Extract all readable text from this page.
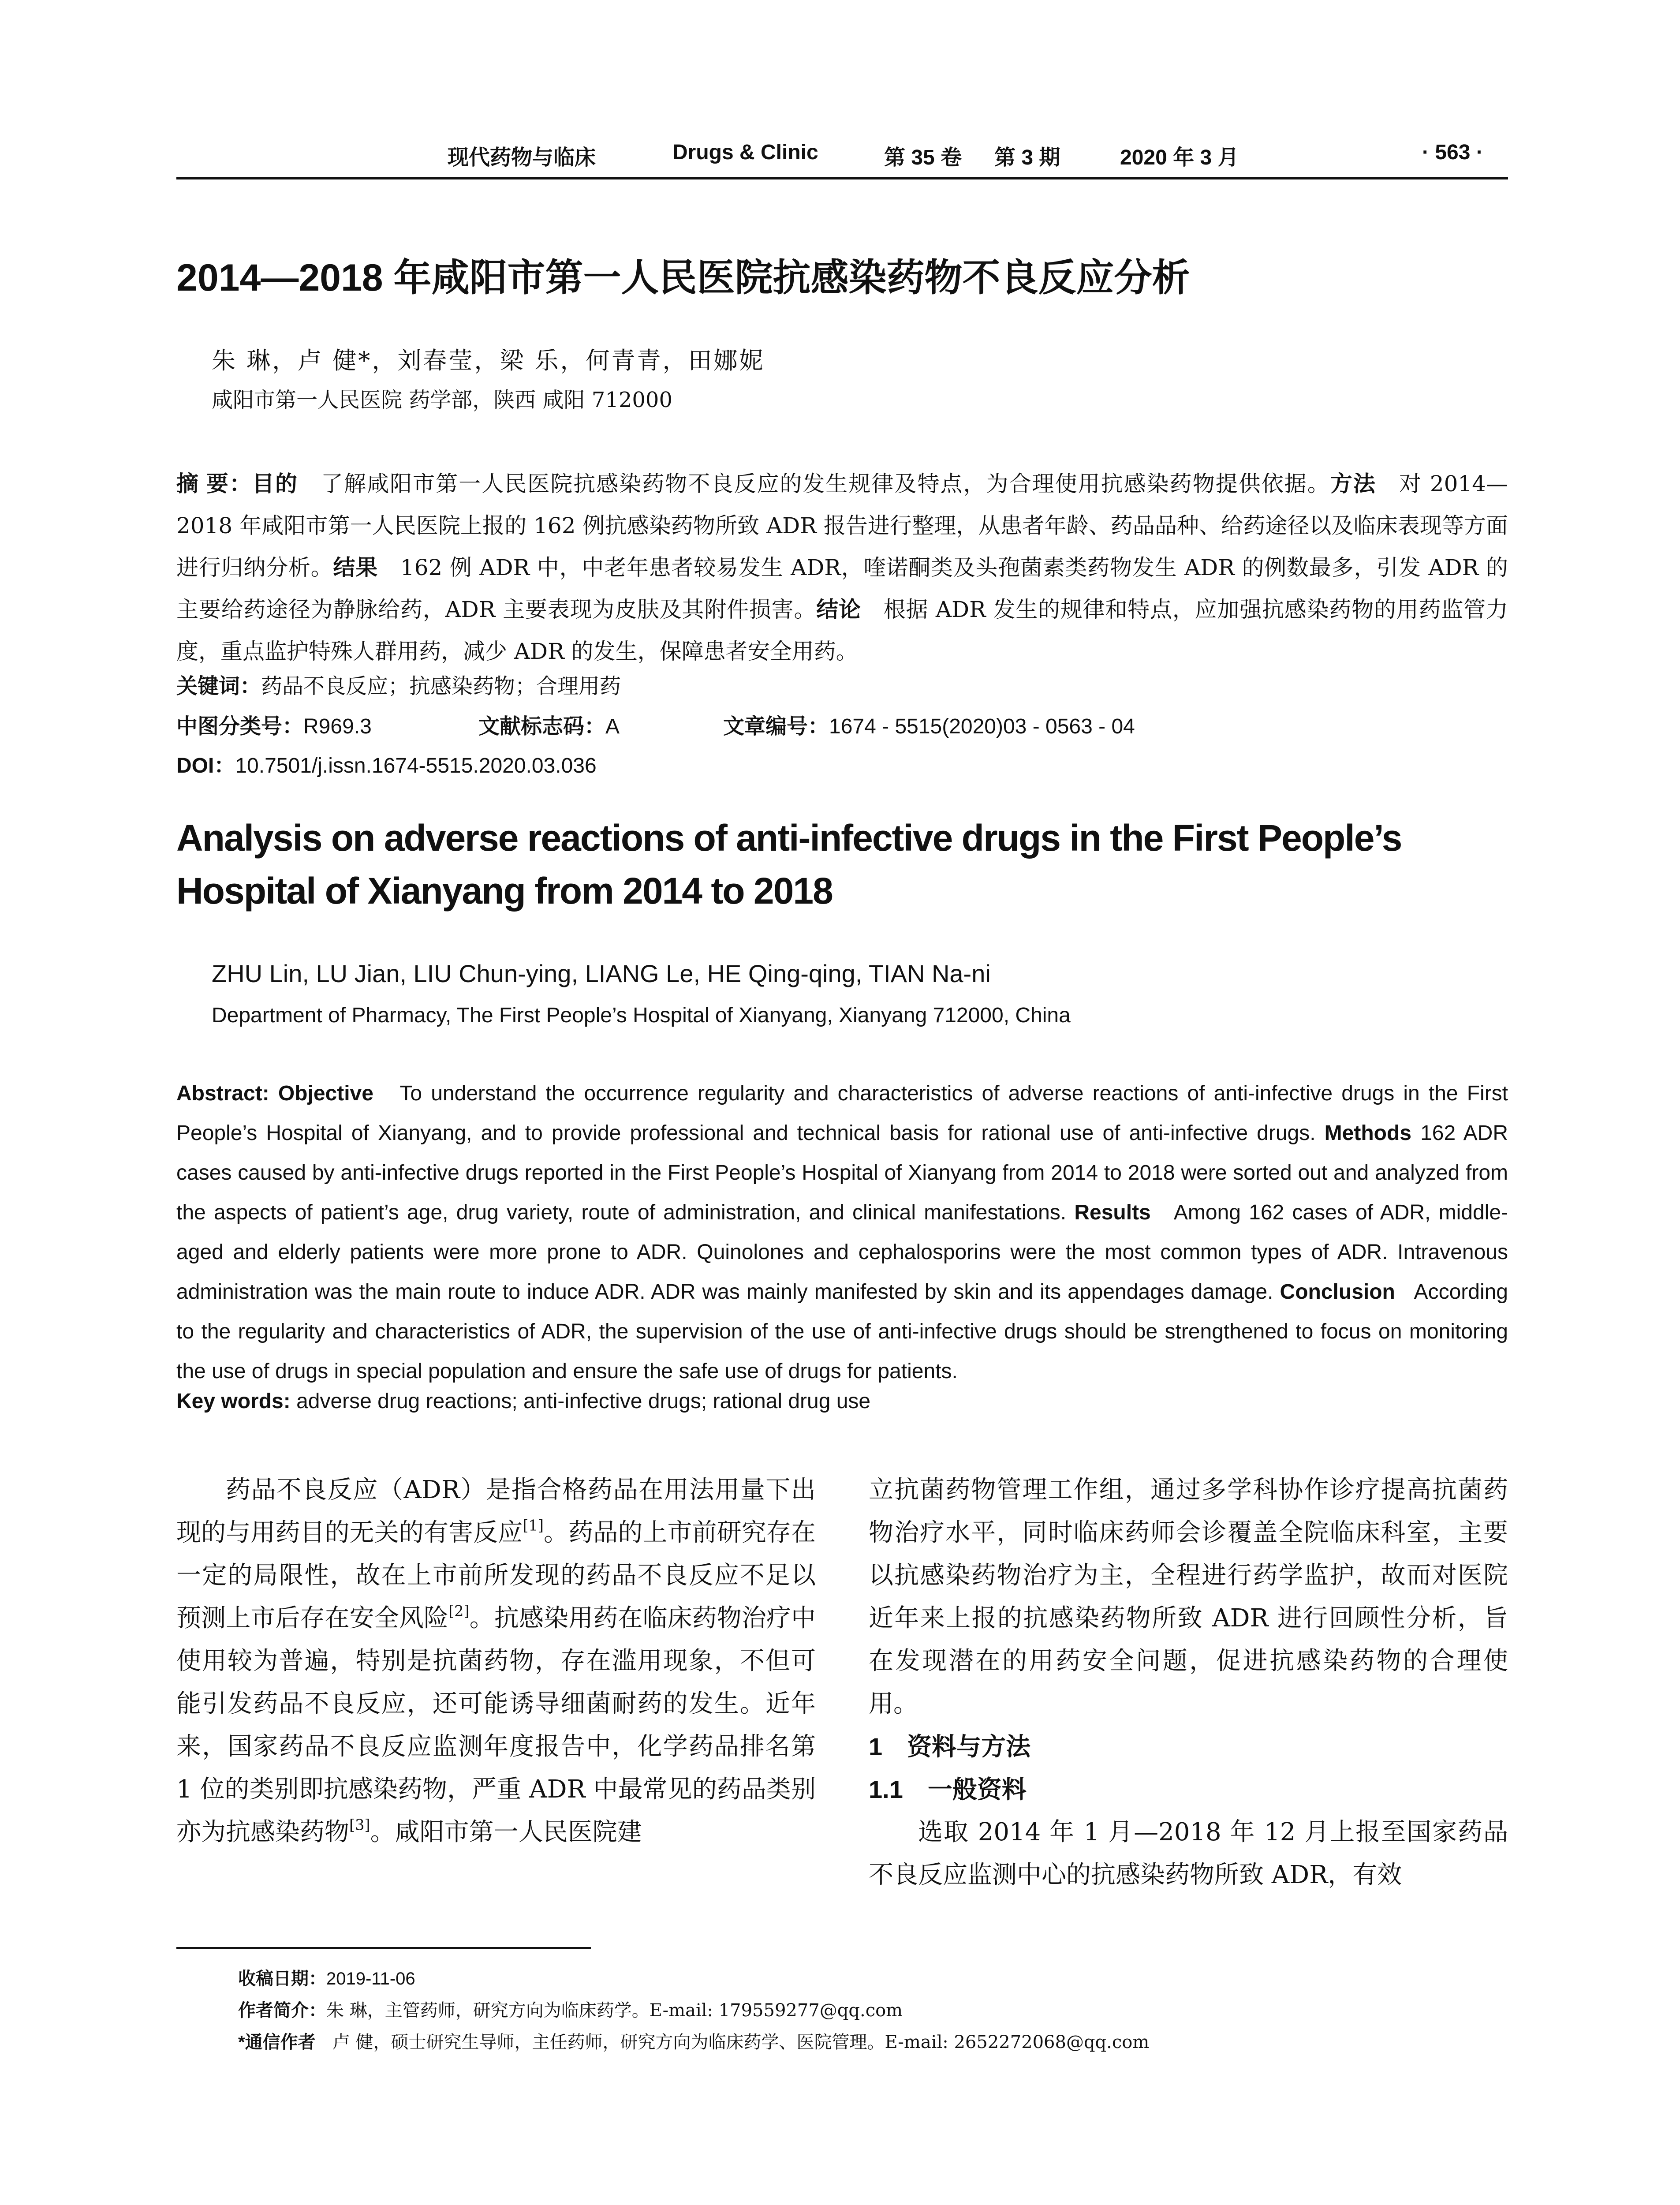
现代药物与临床	Drugs & Clinic	第 35 卷 第 3 期	2020 年 3 月	· 563 ·
2014—2018 年咸阳市第一人民医院抗感染药物不良反应分析
朱 琳，卢 健*，刘春莹，梁 乐，何青青，田娜妮
咸阳市第一人民医院 药学部，陕西 咸阳 712000
摘 要：目的　 了解咸阳市第一人民医院抗感染药物不良反应的发生规律及特点，为合理使用抗感染药物提供依据。方法　 对 2014—2018 年咸阳市第一人民医院上报的 162 例抗感染药物所致 ADR 报告进行整理，从患者年龄、药品品种、给药途径以及临床表现等方面进行归纳分析。结果　 162 例 ADR 中，中老年患者较易发生 ADR，喹诺酮类及头孢菌素类药物发生 ADR 的例数最多，引发 ADR 的主要给药途径为静脉给药，ADR 主要表现为皮肤及其附件损害。结论　 根据 ADR 发生的规律和特点，应加强抗感染药物的用药监管力度，重点监护特殊人群用药，减少 ADR 的发生，保障患者安全用药。
关键词：药品不良反应；抗感染药物；合理用药
中图分类号：R969.3	文献标志码：A	文章编号：1674 - 5515(2020)03 - 0563 - 04
DOI：10.7501/j.issn.1674-5515.2020.03.036
Analysis on adverse reactions of anti-infective drugs in the First People’s Hospital of Xianyang from 2014 to 2018
ZHU Lin, LU Jian, LIU Chun-ying, LIANG Le, HE Qing-qing, TIAN Na-ni
Department of Pharmacy, The First People’s Hospital of Xianyang, Xianyang 712000, China
Abstract: Objective To understand the occurrence regularity and characteristics of adverse reactions of anti-infective drugs in the First People’s Hospital of Xianyang, and to provide professional and technical basis for rational use of anti-infective drugs. Methods 162 ADR cases caused by anti-infective drugs reported in the First People’s Hospital of Xianyang from 2014 to 2018 were sorted out and analyzed from the aspects of patient’s age, drug variety, route of administration, and clinical manifestations. Results Among 162 cases of ADR, middle-aged and elderly patients were more prone to ADR. Quinolones and cephalosporins were the most common types of ADR. Intravenous administration was the main route to induce ADR. ADR was mainly manifested by skin and its appendages damage. Conclusion According to the regularity and characteristics of ADR, the supervision of the use of anti-infective drugs should be strengthened to focus on monitoring the use of drugs in special population and ensure the safe use of drugs for patients.
Key words: adverse drug reactions; anti-infective drugs; rational drug use

药品不良反应（ADR）是指合格药品在用法用量下出现的与用药目的无关的有害反应[1]。药品的上市前研究存在一定的局限性，故在上市前所发现的药品不良反应不足以预测上市后存在安全风险[2]。抗感染用药在临床药物治疗中使用较为普遍，特别是抗菌药物，存在滥用现象，不但可能引发药品不良反应，还可能诱导细菌耐药的发生。近年来，国家药品不良反应监测年度报告中，化学药品排名第 1 位的类别即抗感染药物，严重 ADR 中最常见的药品类别亦为抗感染药物[3]。咸阳市第一人民医院建

立抗菌药物管理工作组，通过多学科协作诊疗提高抗菌药物治疗水平，同时临床药师会诊覆盖全院临床科室，主要以抗感染药物治疗为主，全程进行药学监护，故而对医院近年来上报的抗感染药物所致 ADR 进行回顾性分析，旨在发现潜在的用药安全问题，促进抗感染药物的合理使用。

1　资料与方法

1.1　一般资料

选取 2014 年 1 月—2018 年 12 月上报至国家药品不良反应监测中心的抗感染药物所致 ADR，有效

收稿日期：2019-11-06
作者简介：朱 琳，主管药师，研究方向为临床药学。E-mail: 179559277@qq.com
*通信作者 卢 健，硕士研究生导师，主任药师，研究方向为临床药学、医院管理。E-mail: 2652272068@qq.com
